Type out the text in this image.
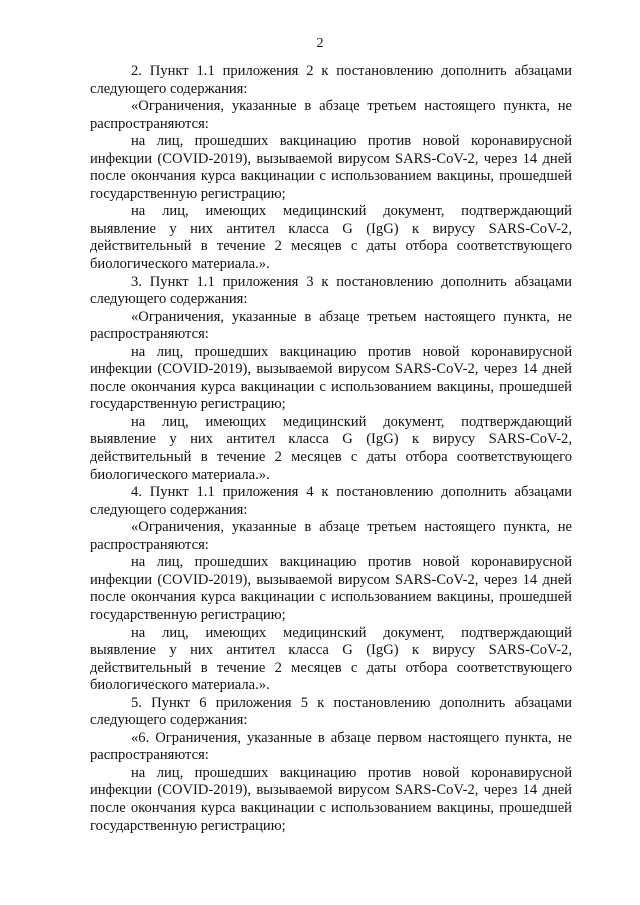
2

2. Пункт 1.1 приложения 2 к постановлению дополнить абзацами следующего содержания:

«Ограничения, указанные в абзаце третьем настоящего пункта, не распространяются:

на лиц, прошедших вакцинацию против новой коронавирусной инфекции (COVID-2019), вызываемой вирусом SARS-CoV-2, через 14 дней после окончания курса вакцинации с использованием вакцины, прошедшей государственную регистрацию;

на лиц, имеющих медицинский документ, подтверждающий выявление у них антител класса G (IgG) к вирусу SARS-CoV-2, действительный в течение 2 месяцев с даты отбора соответствующего биологического материала.».

3. Пункт 1.1 приложения 3 к постановлению дополнить абзацами следующего содержания:

«Ограничения, указанные в абзаце третьем настоящего пункта, не распространяются:

на лиц, прошедших вакцинацию против новой коронавирусной инфекции (COVID-2019), вызываемой вирусом SARS-CoV-2, через 14 дней после окончания курса вакцинации с использованием вакцины, прошедшей государственную регистрацию;

на лиц, имеющих медицинский документ, подтверждающий выявление у них антител класса G (IgG) к вирусу SARS-CoV-2, действительный в течение 2 месяцев с даты отбора соответствующего биологического материала.».

4. Пункт 1.1 приложения 4 к постановлению дополнить абзацами следующего содержания:

«Ограничения, указанные в абзаце третьем настоящего пункта, не распространяются:

на лиц, прошедших вакцинацию против новой коронавирусной инфекции (COVID-2019), вызываемой вирусом SARS-CoV-2, через 14 дней после окончания курса вакцинации с использованием вакцины, прошедшей государственную регистрацию;

на лиц, имеющих медицинский документ, подтверждающий выявление у них антител класса G (IgG) к вирусу SARS-CoV-2, действительный в течение 2 месяцев с даты отбора соответствующего биологического материала.».

5. Пункт 6 приложения 5 к постановлению дополнить абзацами следующего содержания:

«6. Ограничения, указанные в абзаце первом настоящего пункта, не распространяются:

на лиц, прошедших вакцинацию против новой коронавирусной инфекции (COVID-2019), вызываемой вирусом SARS-CoV-2, через 14 дней после окончания курса вакцинации с использованием вакцины, прошедшей государственную регистрацию;
